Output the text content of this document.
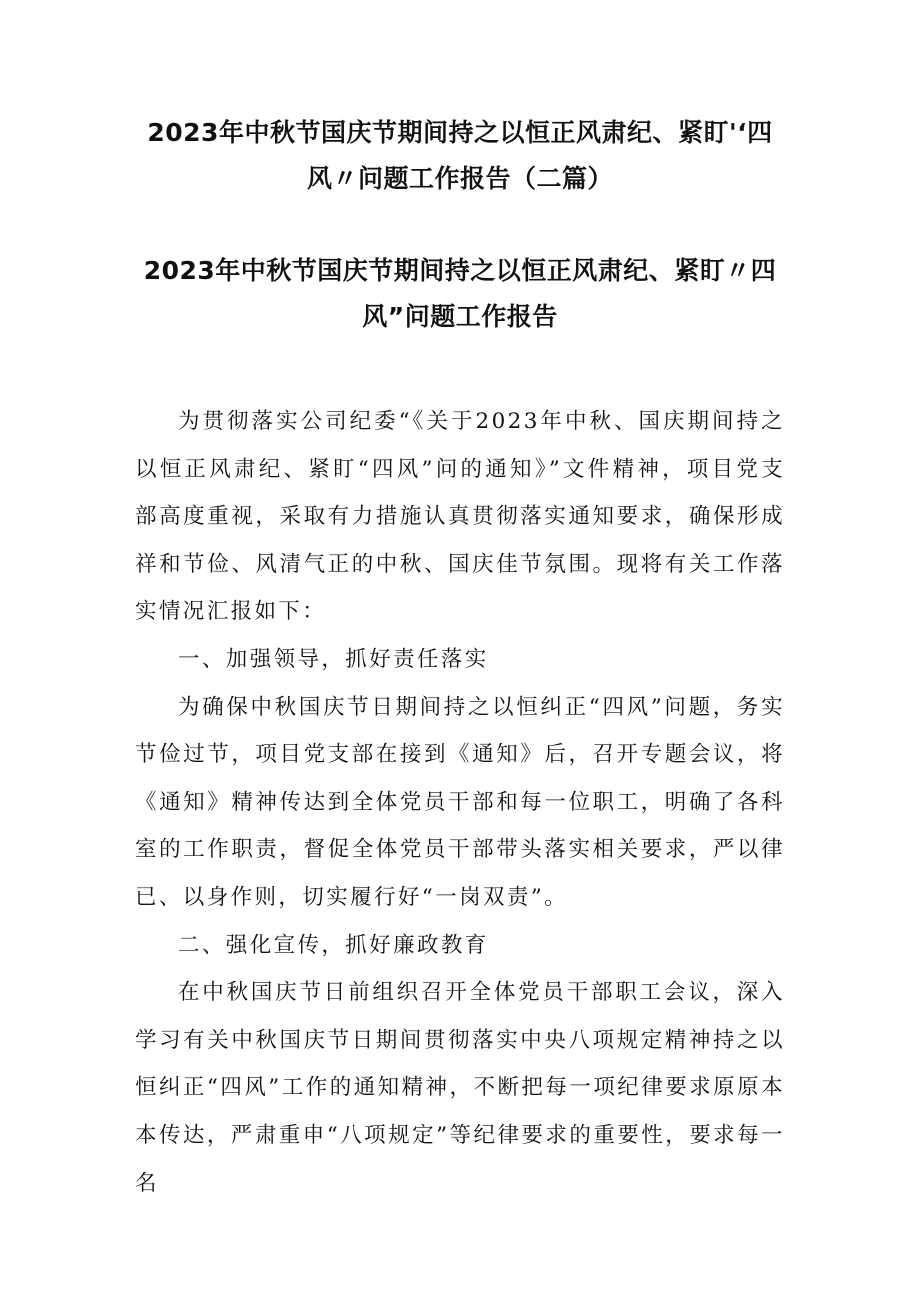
2023年中秋节国庆节期间持之以恒正风肃纪、紧盯'‘四
风〃问题工作报告（二篇）
2023年中秋节国庆节期间持之以恒正风肃纪、紧盯〃四
风”问题工作报告

为贯彻落实公司纪委“《关于2023年中秋、国庆期间持之以恒正风肃纪、紧盯“四风”问的通知》”文件精神，项目党支部高度重视，采取有力措施认真贯彻落实通知要求，确保形成祥和节俭、风清气正的中秋、国庆佳节氛围。现将有关工作落实情况汇报如下：

一、加强领导，抓好责任落实

为确保中秋国庆节日期间持之以恒纠正“四风”问题，务实节俭过节，项目党支部在接到《通知》后，召开专题会议，将《通知》精神传达到全体党员干部和每一位职工，明确了各科室的工作职责，督促全体党员干部带头落实相关要求，严以律已、以身作则，切实履行好“一岗双责”。

二、强化宣传，抓好廉政教育

在中秋国庆节日前组织召开全体党员干部职工会议，深入学习有关中秋国庆节日期间贯彻落实中央八项规定精神持之以恒纠正“四风”工作的通知精神，不断把每一项纪律要求原原本本传达，严肃重申“八项规定”等纪律要求的重要性，要求每一名
